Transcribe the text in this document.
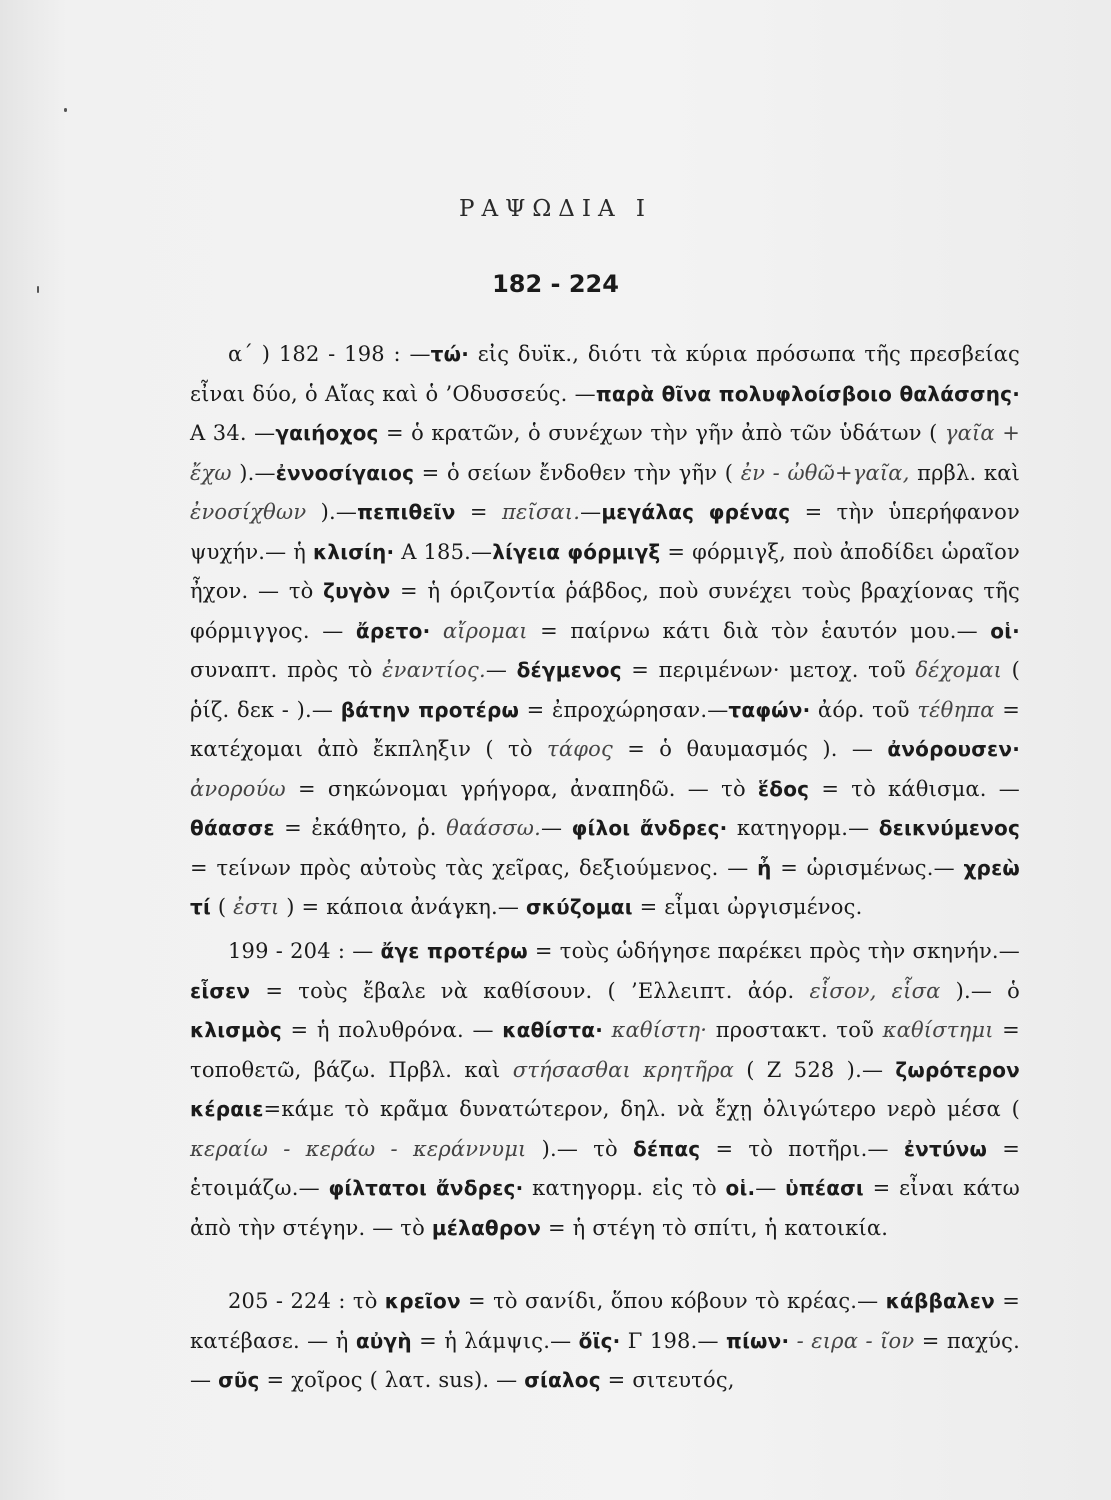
ΡΑΨΩΔΙΑ Ι
182 - 224

α΄ ) 182 - 198 : —τώ· εἰς δυϊκ., διότι τὰ κύρια πρόσωπα τῆς πρεσβείας εἶναι δύο, ὁ Αἴας καὶ ὁ ’Οδυσσεύς. —παρὰ θῖνα πολυφλοίσβοιο θαλάσσης· Α 34. —γαιήοχος = ὁ κρατῶν, ὁ συνέχων τὴν γῆν ἀπὸ τῶν ὑδάτων ( γαῖα + ἔχω ).—ἐννοσίγαιος = ὁ σείων ἔνδοθεν τὴν γῆν ( ἐν - ὠθῶ+γαῖα, πρβλ. καὶ ἐνοσίχθων ).—πεπιθεῖν = πεῖσαι.—μεγάλας φρένας = τὴν ὑπερήφανον ψυχήν.— ἡ κλισίη· Α 185.—λίγεια φόρμιγξ = φόρμιγξ, ποὺ ἀποδίδει ὡραῖον ἦχον. — τὸ ζυγὸν = ἡ όριζοντία ῥάβδος, ποὺ συνέχει τοὺς βραχίονας τῆς φόρμιγγος. — ἄρετο· αἴρομαι = παίρνω κάτι διὰ τὸν ἑαυτόν μου.— οἱ· συναπτ. πρὸς τὸ ἐναντίος.— δέγμενος = περιμένων· μετοχ. τοῦ δέχομαι ( ῥίζ. δεκ - ).— βάτην προτέρω = ἐπροχώρησαν.—ταφών· ἀόρ. τοῦ τέθηπα = κατέχομαι ἀπὸ ἔκπληξιν ( τὸ τάφος = ὁ θαυμασμός ). — ἀνόρουσεν· ἀνορούω = σηκώνομαι γρήγορα, ἀναπηδῶ. — τὸ ἕδος = τὸ κάθισμα. — θάασσε = ἐκάθητο, ῥ. θαάσσω.— φίλοι ἄνδρες· κατηγορμ.— δεικνύμενος = τείνων πρὸς αὐτοὺς τὰς χεῖρας, δεξιούμενος. — ἦ = ὡρισμένως.— χρεὼ τί ( ἐστι ) = κάποια ἀνάγκη.— σκύζομαι = εἶμαι ὠργισμένος.

199 - 204 : — ἄγε προτέρω = τοὺς ὡδήγησε παρέκει πρὸς τὴν σκηνήν.— εἷσεν = τοὺς ἔβαλε νὰ καθίσουν. ( ’Ελλειπτ. ἀόρ. εἷσον, εἷσα ).— ὁ κλισμὸς = ἡ πολυθρόνα. — καθίστα· καθίστη· προστακτ. τοῦ καθίστημι = τοποθετῶ, βάζω. Πρβλ. καὶ στήσασθαι κρητῆρα ( Ζ 528 ).— ζωρότερον κέραιε=κάμε τὸ κρᾶμα δυνατώτερον, δηλ. νὰ ἔχῃ ὀλιγώτερο νερὸ μέσα ( κεραίω - κεράω - κεράννυμι ).— τὸ δέπας = τὸ ποτῆρι.— ἐντύνω = ἑτοιμάζω.— φίλτατοι ἄνδρες· κατηγορμ. εἰς τὸ οἱ.— ὑπέασι = εἶναι κάτω ἀπὸ τὴν στέγην. — τὸ μέλαθρον = ἡ στέγη τὸ σπίτι, ἡ κατοικία.

205 - 224 : τὸ κρεῖον = τὸ σανίδι, ὅπου κόβουν τὸ κρέας.— κάββαλεν = κατέβασε. — ἡ αὐγὴ = ἡ λάμψις.— ὄϊς· Γ 198.— πίων· - ειρα - ῖον = παχύς.— σῦς = χοῖρος ( λατ. sus). — σίαλος = σιτευτός,
